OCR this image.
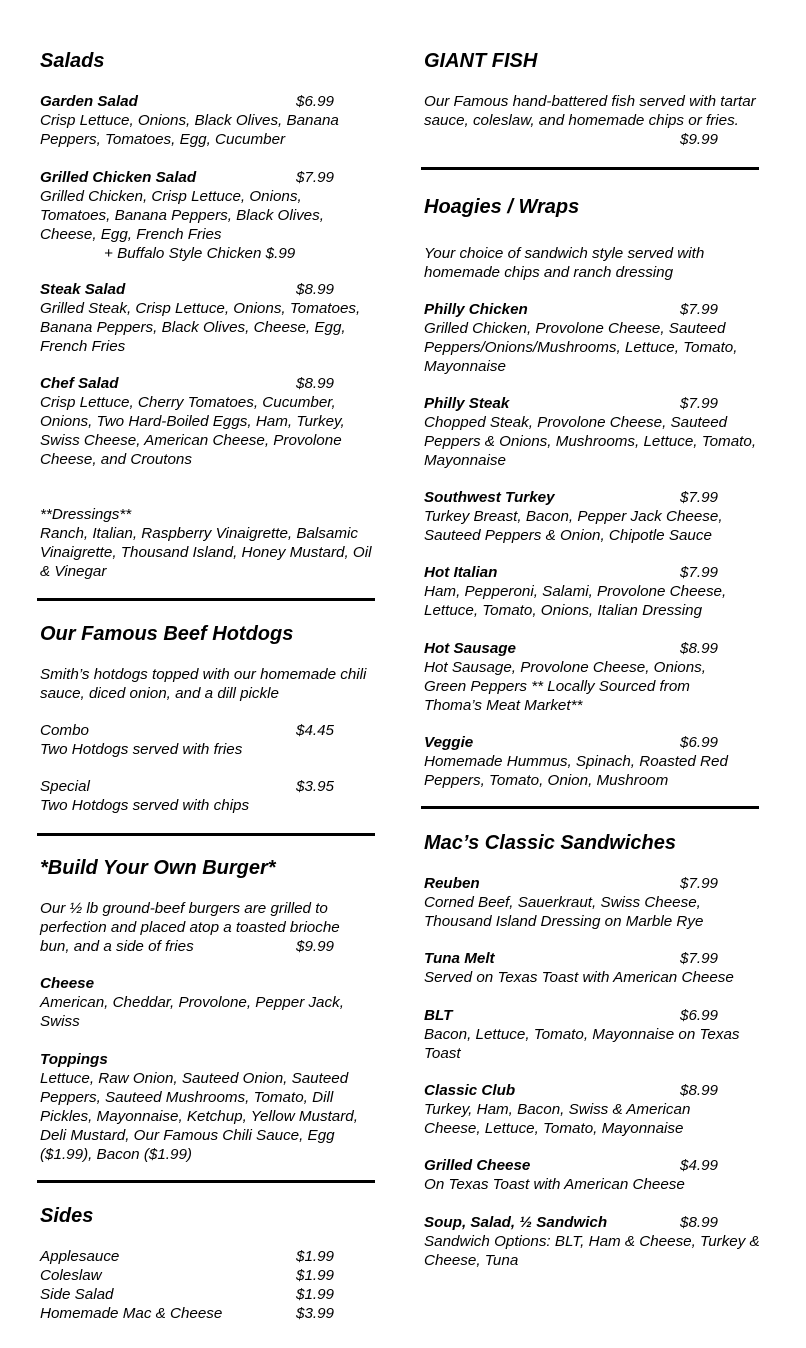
Salads
Garden Salad	$6.99
Crisp Lettuce, Onions, Black Olives, Banana Peppers, Tomatoes, Egg, Cucumber
Grilled Chicken Salad	$7.99
Grilled Chicken, Crisp Lettuce, Onions, Tomatoes, Banana Peppers, Black Olives, Cheese, Egg, French Fries
+ Buffalo Style Chicken $.99
Steak Salad	$8.99
Grilled Steak, Crisp Lettuce, Onions, Tomatoes, Banana Peppers, Black Olives, Cheese, Egg, French Fries
Chef Salad	$8.99
Crisp Lettuce, Cherry Tomatoes, Cucumber, Onions, Two Hard-Boiled Eggs, Ham, Turkey, Swiss Cheese, American Cheese, Provolone Cheese, and Croutons
**Dressings**
Ranch, Italian, Raspberry Vinaigrette, Balsamic Vinaigrette, Thousand Island, Honey Mustard, Oil & Vinegar
Our Famous Beef Hotdogs
Smith’s hotdogs topped with our homemade chili sauce, diced onion, and a dill pickle
Combo	$4.45
Two Hotdogs served with fries
Special	$3.95
Two Hotdogs served with chips
*Build Your Own Burger*
Our ½ lb ground-beef burgers are grilled to perfection and placed atop a toasted brioche bun, and a side of fries	$9.99
Cheese
American, Cheddar, Provolone, Pepper Jack, Swiss
Toppings
Lettuce, Raw Onion, Sauteed Onion, Sauteed Peppers, Sauteed Mushrooms, Tomato, Dill Pickles, Mayonnaise, Ketchup, Yellow Mustard, Deli Mustard, Our Famous Chili Sauce, Egg ($1.99), Bacon ($1.99)
Sides
Applesauce	$1.99
Coleslaw	$1.99
Side Salad	$1.99
Homemade Mac & Cheese	$3.99
GIANT FISH
Our Famous hand-battered fish served with tartar sauce, coleslaw, and homemade chips or fries.
$9.99
Hoagies / Wraps
Your choice of sandwich style served with homemade chips and ranch dressing
Philly Chicken	$7.99
Grilled Chicken, Provolone Cheese, Sauteed Peppers/Onions/Mushrooms, Lettuce, Tomato, Mayonnaise
Philly Steak	$7.99
Chopped Steak, Provolone Cheese, Sauteed Peppers & Onions, Mushrooms, Lettuce, Tomato, Mayonnaise
Southwest Turkey	$7.99
Turkey Breast, Bacon, Pepper Jack Cheese, Sauteed Peppers & Onion, Chipotle Sauce
Hot Italian	$7.99
Ham, Pepperoni, Salami, Provolone Cheese, Lettuce, Tomato, Onions, Italian Dressing
Hot Sausage	$8.99
Hot Sausage, Provolone Cheese, Onions, Green Peppers ** Locally Sourced from Thoma’s Meat Market**
Veggie	$6.99
Homemade Hummus, Spinach, Roasted Red Peppers, Tomato, Onion, Mushroom
Mac’s Classic Sandwiches
Reuben	$7.99
Corned Beef, Sauerkraut, Swiss Cheese, Thousand Island Dressing on Marble Rye
Tuna Melt	$7.99
Served on Texas Toast with American Cheese
BLT	$6.99
Bacon, Lettuce, Tomato, Mayonnaise on Texas Toast
Classic Club	$8.99
Turkey, Ham, Bacon, Swiss & American Cheese, Lettuce, Tomato, Mayonnaise
Grilled Cheese	$4.99
On Texas Toast with American Cheese
Soup, Salad, ½ Sandwich	$8.99
Sandwich Options: BLT, Ham & Cheese, Turkey & Cheese, Tuna
